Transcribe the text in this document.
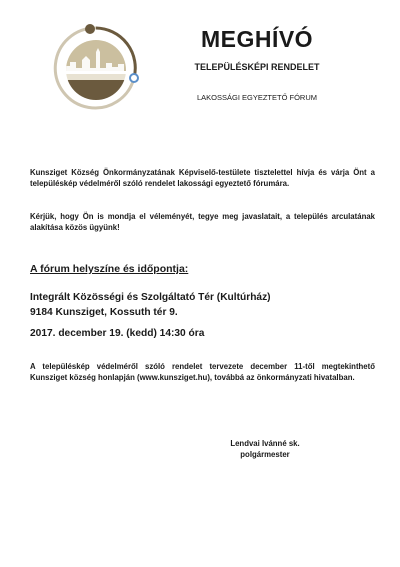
MEGHÍVÓ
TELEPÜLÉSKÉPI RENDELET
LAKOSSÁGI EGYEZTETŐ FÓRUM

Kunsziget Község Önkormányzatának Képviselő-testülete tisztelettel hívja és várja Önt a településkép védelméről szóló rendelet lakossági egyeztető fórumára.

Kérjük, hogy Ön is mondja el véleményét, tegye meg javaslatait, a település arculatának alakítása közös ügyünk!

A fórum helyszíne és időpontja:
Integrált Közösségi és Szolgáltató Tér (Kultúrház)
9184 Kunsziget, Kossuth tér 9.
2017. december 19. (kedd) 14:30 óra

A településkép védelméről szóló rendelet tervezete december 11-től megtekinthető Kunsziget község honlapján (www.kunsziget.hu), továbbá az önkormányzati hivatalban.

Lendvai Ivánné sk.
polgármester
